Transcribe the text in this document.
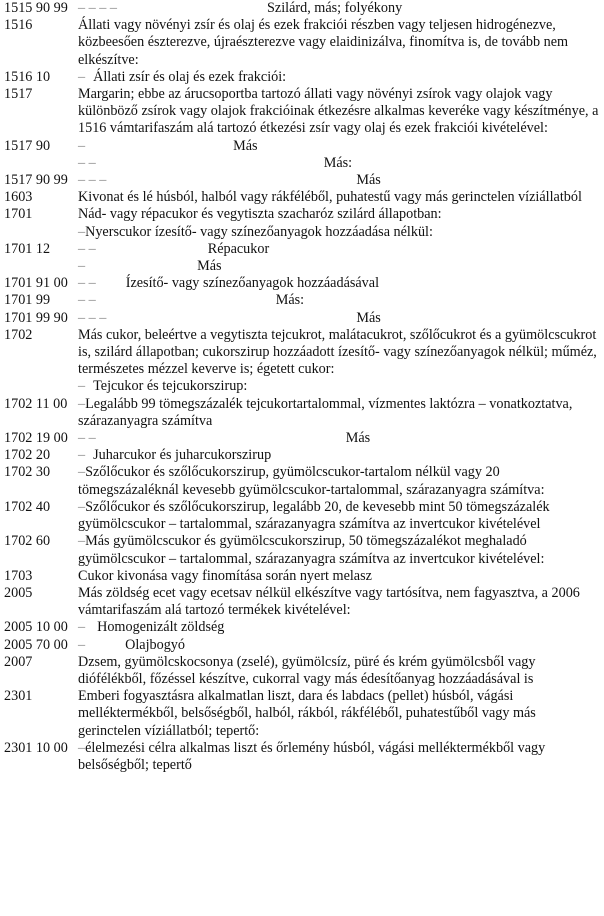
1515 90 99 – – – –	Szilárd, más; folyékony
1516	Állati vagy növényi zsír és olaj és ezek frakciói részben vagy teljesen hidrogénezve, közbeesően észterezve, újraészterezve vagy elaidinizálva, finomítva is, de tovább nem elkészítve:
1516 10	– Állati zsír és olaj és ezek frakciói:
1517	Margarin; ebbe az árucsoportba tartozó állati vagy növényi zsírok vagy olajok vagy különböző zsírok vagy olajok frakcióinak étkezésre alkalmas keveréke vagy készítménye, a 1516 vámtarifaszám alá tartozó étkezési zsír vagy olaj és ezek frakciói kivételével:
1517 90	–	Más
– –	Más:
1517 90 99 – – –	Más
1603	Kivonat és lé húsból, halból vagy rákféléből, puhatestű vagy más gerinctelen víziállatból
1701	Nád- vagy répacukor és vegytiszta szacharóz szilárd állapotban:
–Nyerscukor ízesítő- vagy színezőanyagok hozzáadása nélkül:
1701 12	– –	Répacukor
–	Más
1701 91 00 – – Ízesítő- vagy színezőanyagok hozzáadásával
1701 99	– –	Más:
1701 99 90 – – –	Más
1702	Más cukor, beleértve a vegytiszta tejcukrot, malátacukrot, szőlőcukrot és a gyümölcscukrot is, szilárd állapotban; cukorszirup hozzáadott ízesítő- vagy színezőanyagok nélkül; műméz, természetes mézzel keverve is; égetett cukor:
– Tejcukor és tejcukorszirup:
1702 11 00 –Legalább 99 tömegszázalék tejcukortartalommal, vízmentes laktózra – vonatkoztatva, szárazanyagra számítva
1702 19 00 – –	Más
1702 20	– Juharcukor és juharcukorszirup
1702 30	–Szőlőcukor és szőlőcukorszirup, gyümölcscukor-tartalom nélkül vagy 20 tömegszázaléknál kevesebb gyümölcscukor-tartalommal, szárazanyagra számítva:
1702 40	–Szőlőcukor és szőlőcukorszirup, legalább 20, de kevesebb mint 50 tömegszázalék gyümölcscukor – tartalommal, szárazanyagra számítva az invertcukor kivételével
1702 60	–Más gyümölcscukor és gyümölcscukorszirup, 50 tömegszázalékot meghaladó gyümölcscukor – tartalommal, szárazanyagra számítva az invertcukor kivételével:
1703	Cukor kivonása vagy finomítása során nyert melasz
2005	Más zöldség ecet vagy ecetsav nélkül elkészítve vagy tartósítva, nem fagyasztva, a 2006 vámtarifaszám alá tartozó termékek kivételével:
2005 10 00 – Homogenizált zöldség
2005 70 00 –	Olajbogyó
2007	Dzsem, gyümölcskocsonya (zselé), gyümölcsíz, püré és krém gyümölcsből vagy diófélékből, főzéssel készítve, cukorral vagy más édesítőanyag hozzáadásával is
2301	Emberi fogyasztásra alkalmatlan liszt, dara és labdacs (pellet) húsból, vágási melléktermékből, belsőségből, halból, rákból, rákféléből, puhatestűből vagy más gerinctelen víziállatból; tepertő:
2301 10 00 –élelmezési célra alkalmas liszt és őrlemény húsból, vágási melléktermékből vagy belsőségből; tepertő
